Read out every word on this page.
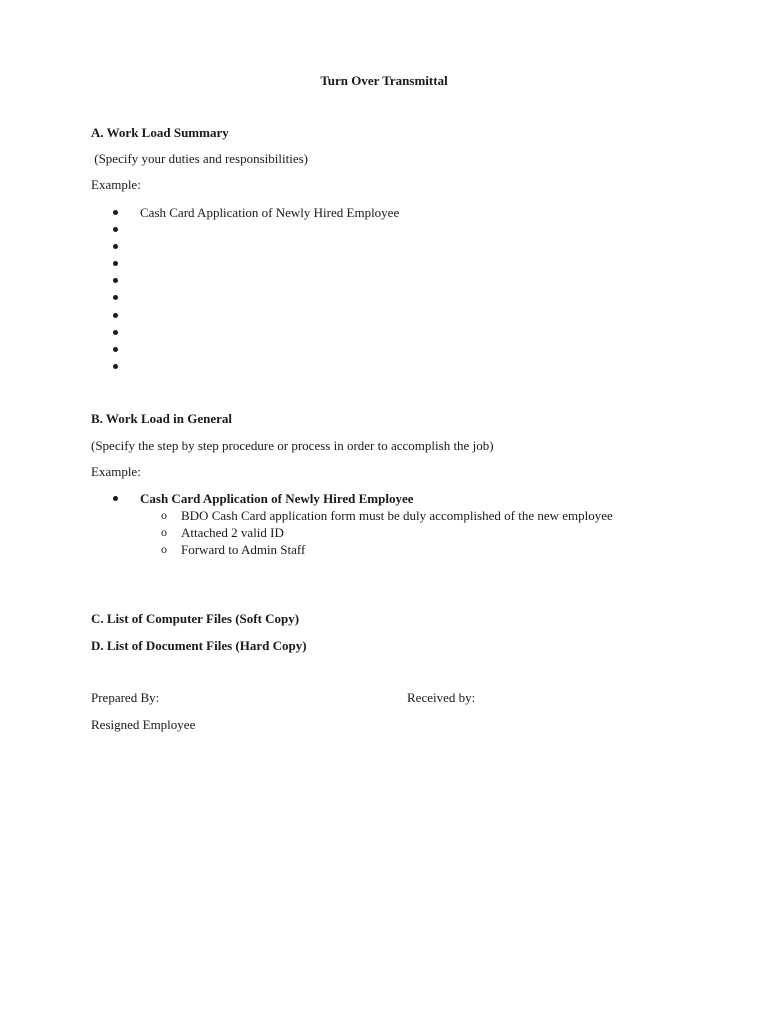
Turn Over Transmittal
A. Work Load Summary
(Specify your duties and responsibilities)
Example:
Cash Card Application of Newly Hired Employee
B. Work Load in General
(Specify the step by step procedure or process in order to accomplish the job)
Example:
Cash Card Application of Newly Hired Employee
o BDO Cash Card application form must be duly accomplished of the new employee
o Attached 2 valid ID
o Forward to Admin Staff
C. List of Computer Files (Soft Copy)
D. List of Document Files (Hard Copy)
Prepared By:	Received by:
Resigned Employee
